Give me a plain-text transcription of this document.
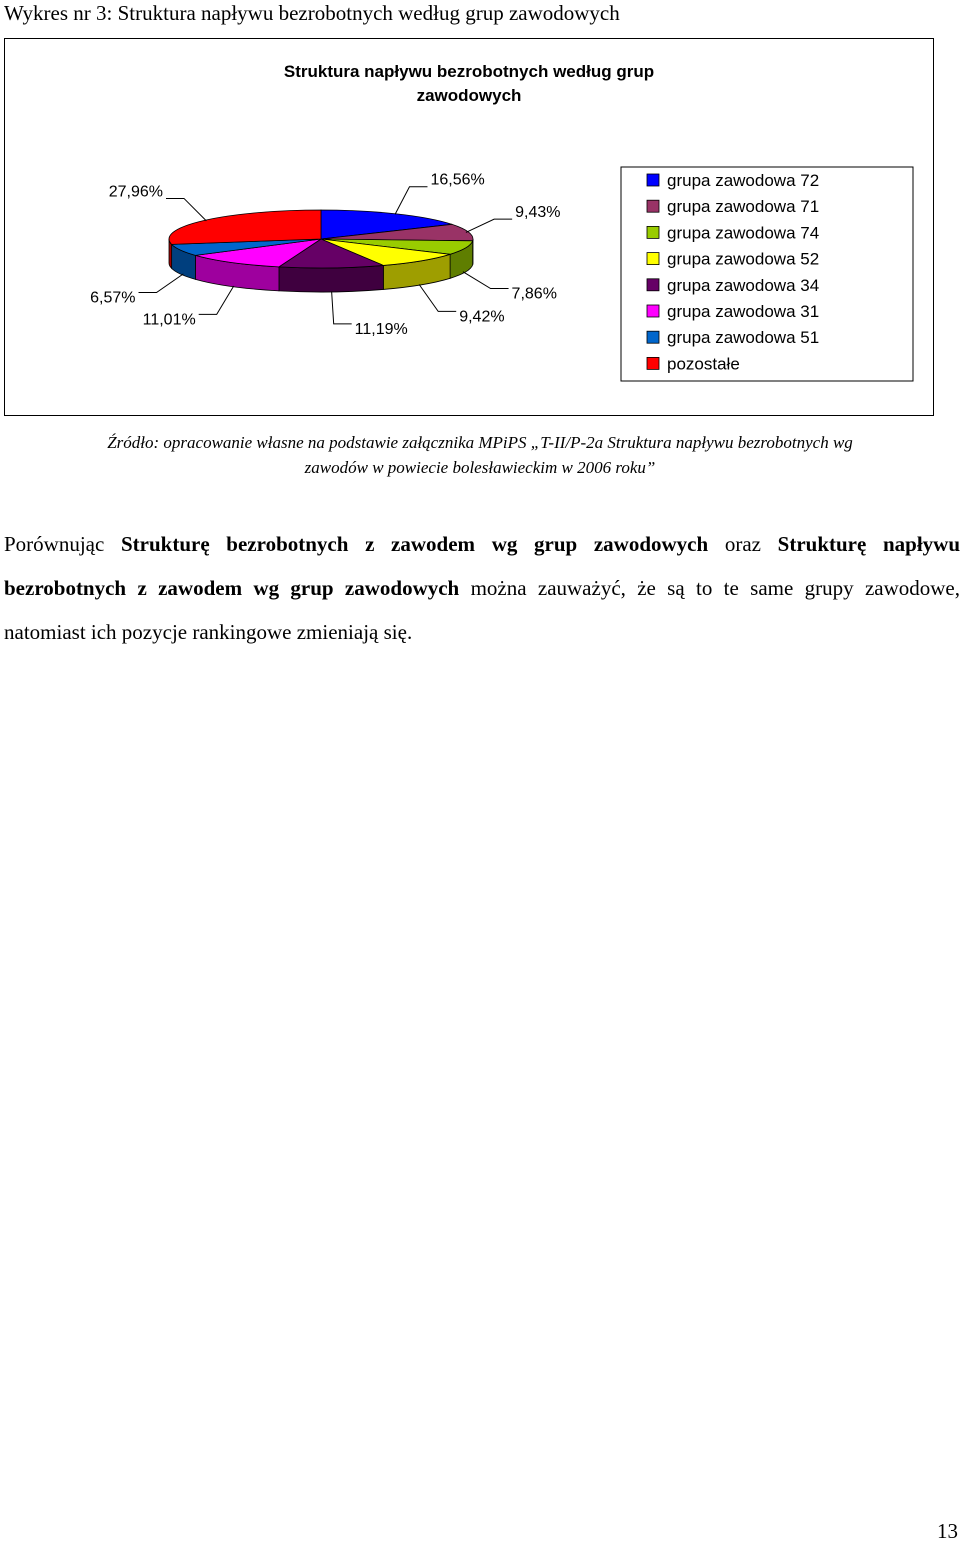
Wykres nr 3: Struktura napływu bezrobotnych według grup zawodowych
Struktura napływu bezrobotnych według grup
zawodowych
16,56%
9,43%
7,86%
9,42%
11,19%
11,01%
6,57%
27,96%
grupa zawodowa 72
grupa zawodowa 71
grupa zawodowa 74
grupa zawodowa 52
grupa zawodowa 34
grupa zawodowa 31
grupa zawodowa 51
pozostałe
Źródło: opracowanie własne na podstawie załącznika MPiPS „T-II/P-2a Struktura napływu bezrobotnych wg
zawodów w powiecie bolesławieckim w 2006 roku”
Porównując Strukturę bezrobotnych z zawodem wg grup zawodowych oraz Strukturę napływu bezrobotnych z zawodem wg grup zawodowych można zauważyć, że są to te same grupy zawodowe, natomiast ich pozycje rankingowe zmieniają się.
13
